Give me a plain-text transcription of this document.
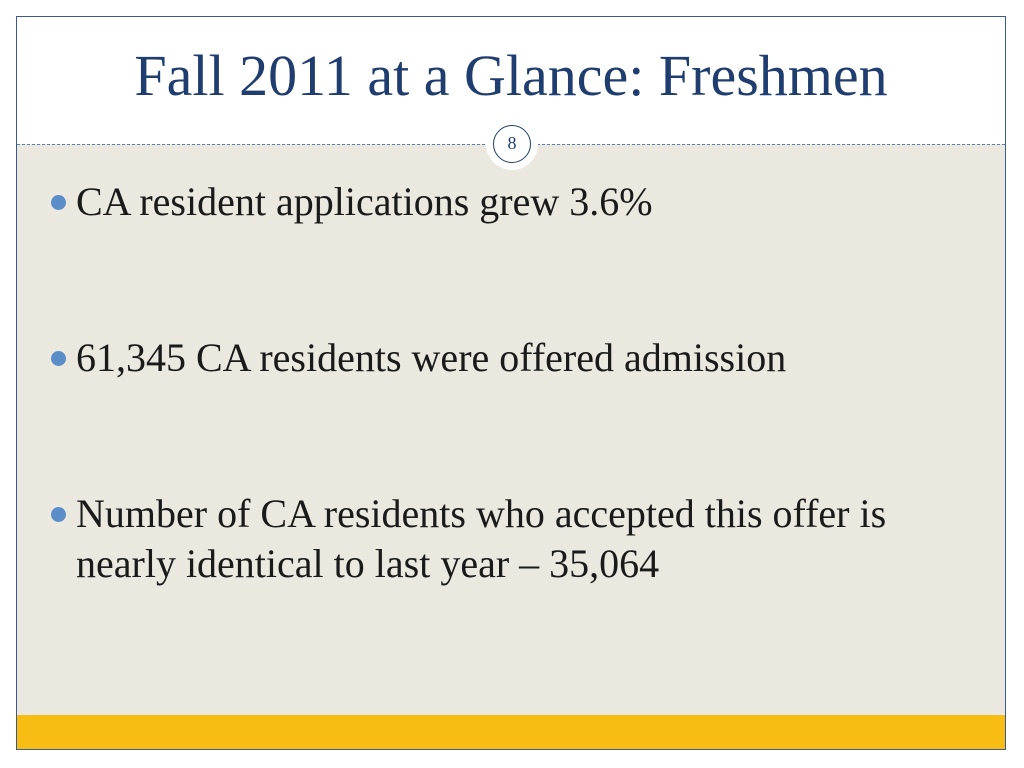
Fall 2011 at a Glance: Freshmen
8
CA resident applications grew 3.6%
61,345 CA residents were offered admission
Number of CA residents who accepted this offer is nearly identical to last year – 35,064
